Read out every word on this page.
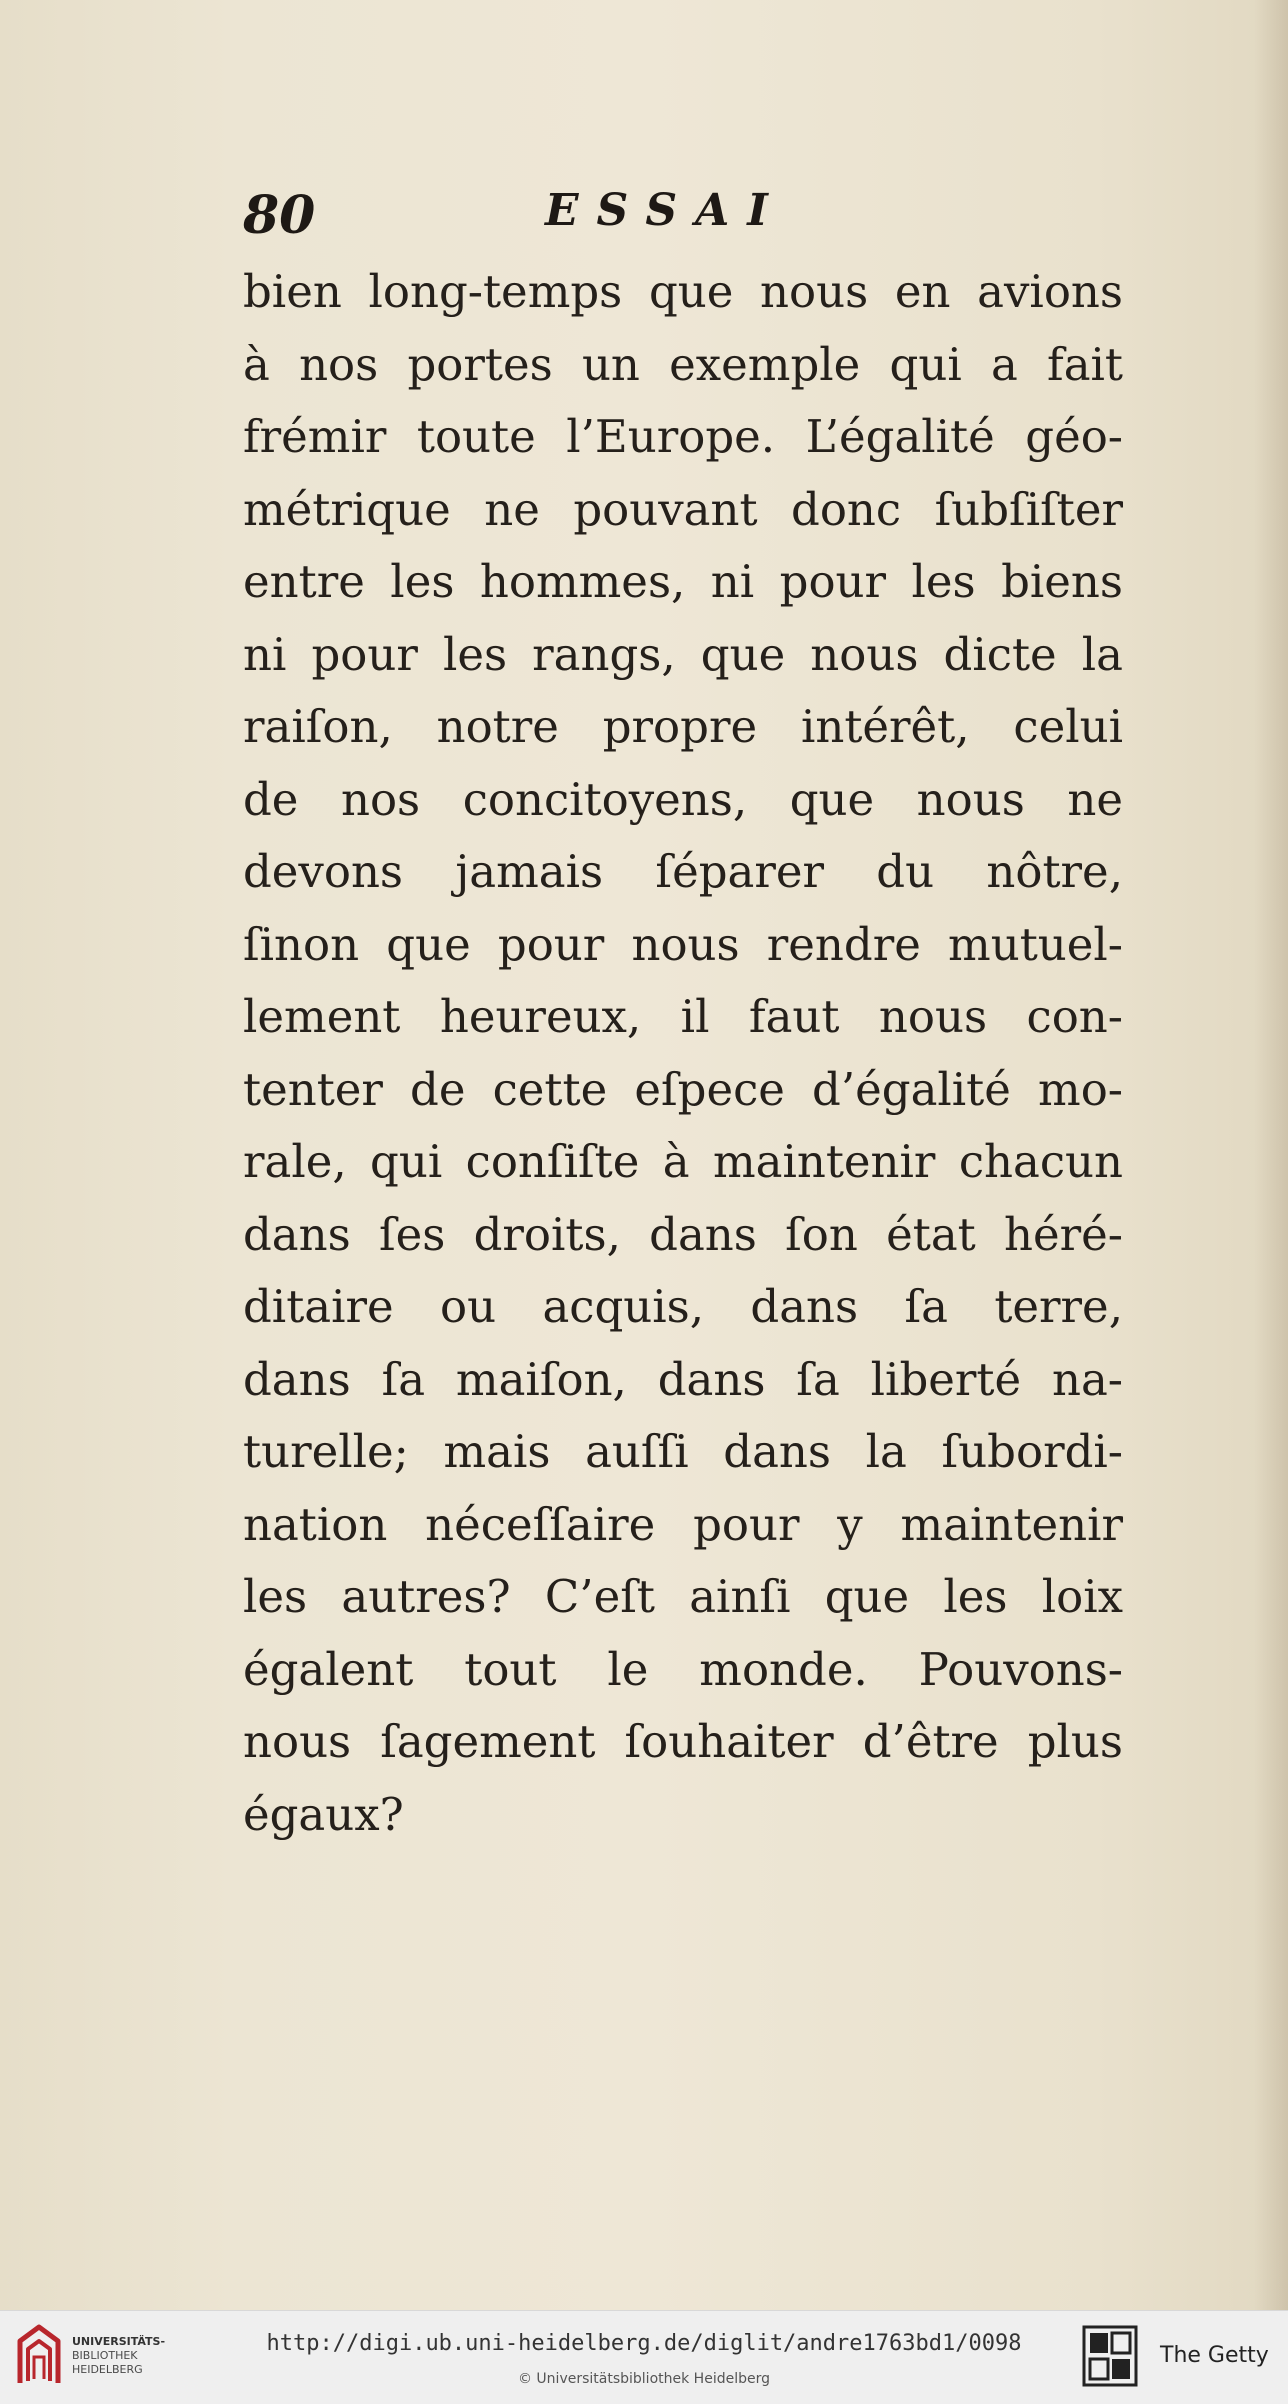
80	ESSAI
bien long-temps que nous en avions
à nos portes un exemple qui a fait
frémir toute l’Europe. L’égalité géo-
métrique ne pouvant donc ſubſiſter
entre les hommes, ni pour les biens
ni pour les rangs, que nous dicte la
raiſon, notre propre intérêt, celui
de nos concitoyens, que nous ne
devons jamais ſéparer du nôtre,
ſinon que pour nous rendre mutuel-
lement heureux, il faut nous con-
tenter de cette eſpece d’égalité mo-
rale, qui conſiſte à maintenir chacun
dans ſes droits, dans ſon état héré-
ditaire ou acquis, dans ſa terre,
dans ſa maiſon, dans ſa liberté na-
turelle; mais auſſi dans la ſubordi-
nation néceſſaire pour y maintenir
les autres? C’eſt ainſi que les loix
égalent tout le monde. Pouvons-
nous ſagement ſouhaiter d’être plus
égaux?
UNIVERSITÄTS-
BIBLIOTHEK
HEIDELBERG
http://digi.ub.uni-heidelberg.de/diglit/andre1763bd1/0098
© Universitätsbibliothek Heidelberg
The Getty
